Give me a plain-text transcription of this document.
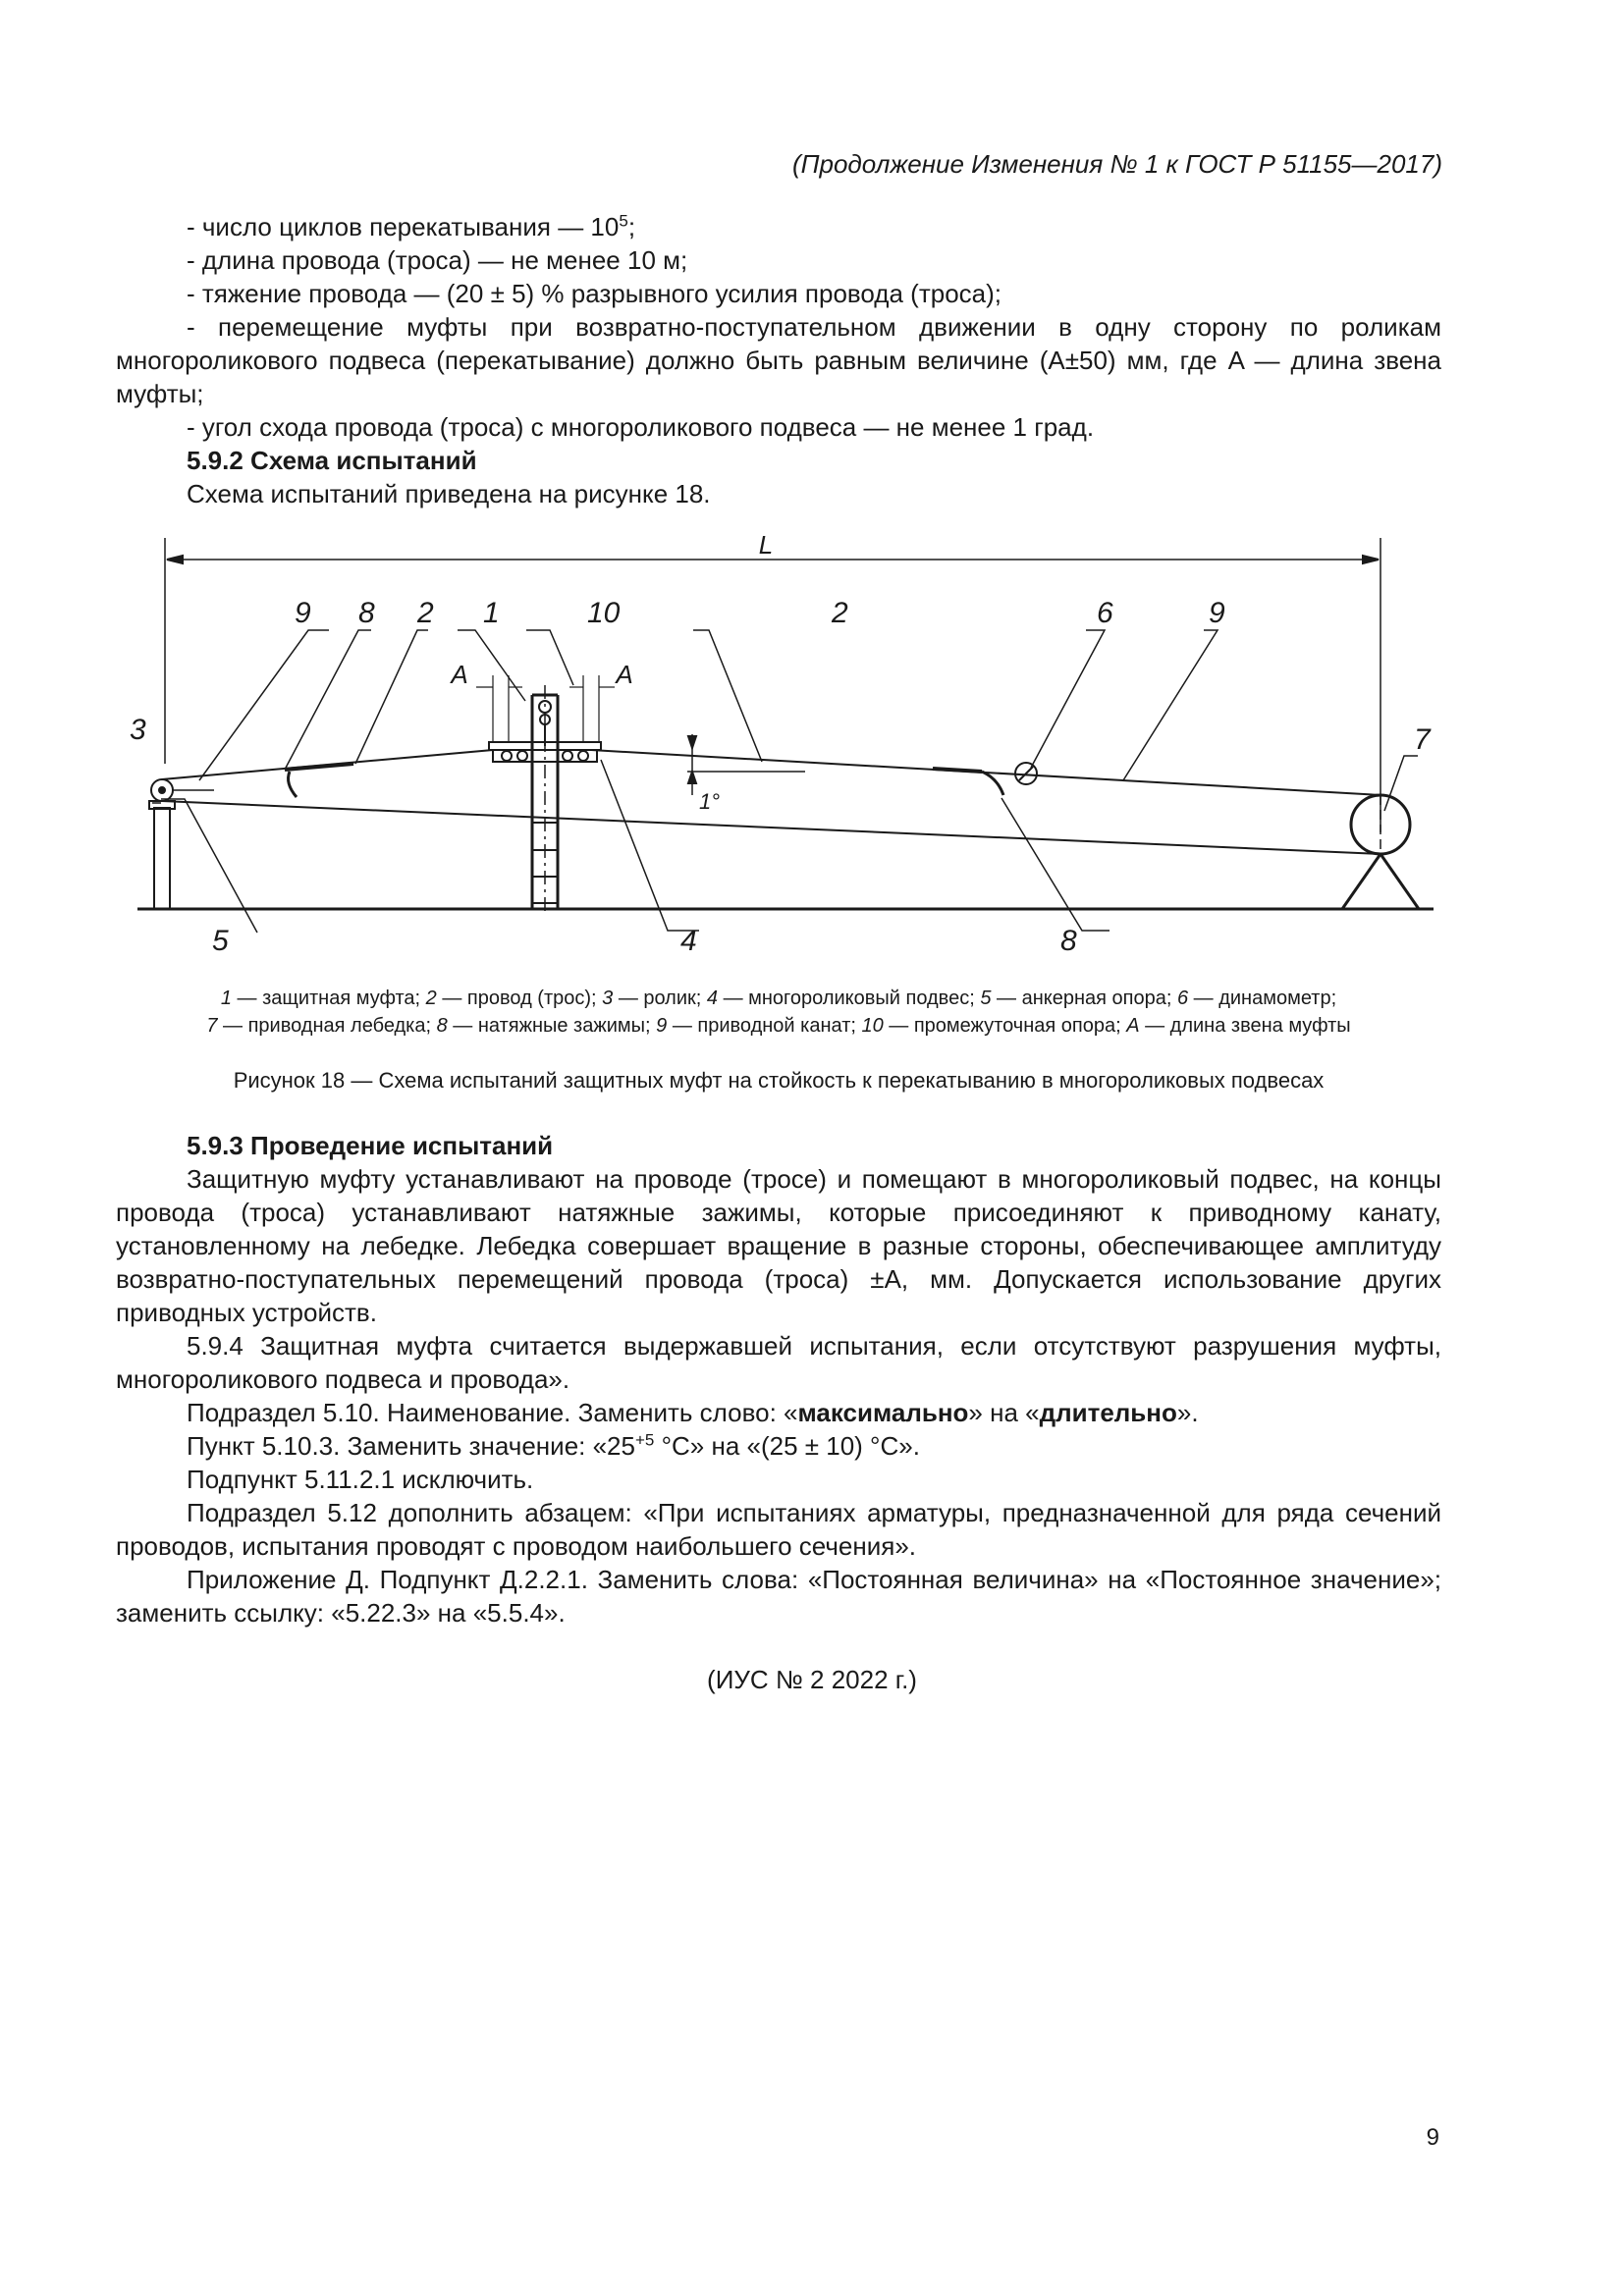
(Продолжение Изменения № 1 к ГОСТ Р 51155—2017)

- число циклов перекатывания — $10^5$;

- длина провода (троса) — не менее 10 м;

- тяжение провода — (20 ± 5) % разрывного усилия провода (троса);

- перемещение муфты при возвратно-поступательном движении в одну сторону по роликам многороликового подвеса (перекатывание) должно быть равным величине (A±50) мм, где A — длина звена муфты;

- угол схода провода (троса) с многороликового подвеса — не менее 1 град.

5.9.2 Схема испытаний

Схема испытаний приведена на рисунке 18.

L
A	A
1°
9 8 2 1	10	2	6	9
3	7
5	4	8
1 — защитная муфта; 2 — провод (трос); 3 — ролик; 4 — многороликовый подвес; 5 — анкерная опора; 6 — динамометр;
7 — приводная лебедка; 8 — натяжные зажимы; 9 — приводной канат; 10 — промежуточная опора; A — длина звена муфты
Рисунок 18 — Схема испытаний защитных муфт на стойкость к перекатыванию в многороликовых подвесах

5.9.3 Проведение испытаний

Защитную муфту устанавливают на проводе (тросе) и помещают в многороликовый подвес, на концы провода (троса) устанавливают натяжные зажимы, которые присоединяют к приводному канату, установленному на лебедке. Лебедка совершает вращение в разные стороны, обеспечивающее амплитуду возвратно-поступательных перемещений провода (троса) ±A, мм. Допускается использование других приводных устройств.

5.9.4 Защитная муфта считается выдержавшей испытания, если отсутствуют разрушения муфты, многороликового подвеса и провода».

Подраздел 5.10. Наименование. Заменить слово: «максимально» на «длительно».

Пункт 5.10.3. Заменить значение: «$25^{+5}$ °С» на «(25 ± 10) °С».

Подпункт 5.11.2.1 исключить.

Подраздел 5.12 дополнить абзацем: «При испытаниях арматуры, предназначенной для ряда сечений проводов, испытания проводят с проводом наибольшего сечения».

Приложение Д. Подпункт Д.2.2.1. Заменить слова: «Постоянная величина» на «Постоянное значение»; заменить ссылку: «5.22.3» на «5.5.4».

(ИУС № 2 2022 г.)
9
